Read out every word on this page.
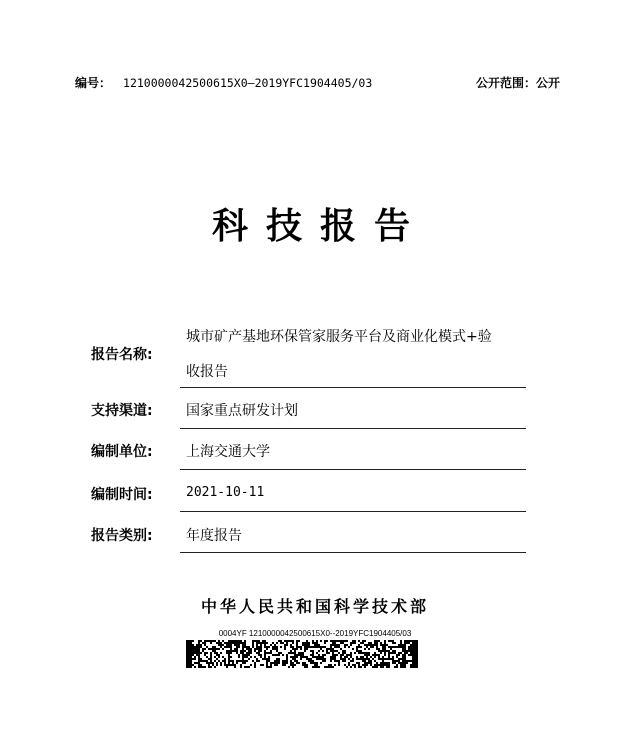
编号： 1210000042500615X0—2019YFC1904405/03	公开范围：公开
科技报告
报告名称:
城市矿产基地环保管家服务平台及商业化模式+验
收报告
支持渠道: 国家重点研发计划
编制单位: 上海交通大学
编制时间:	2021-10-11
报告类别: 年度报告
中华人民共和国科学技术部
0004YF 1210000042500615X0--2019YFC1904405/03
